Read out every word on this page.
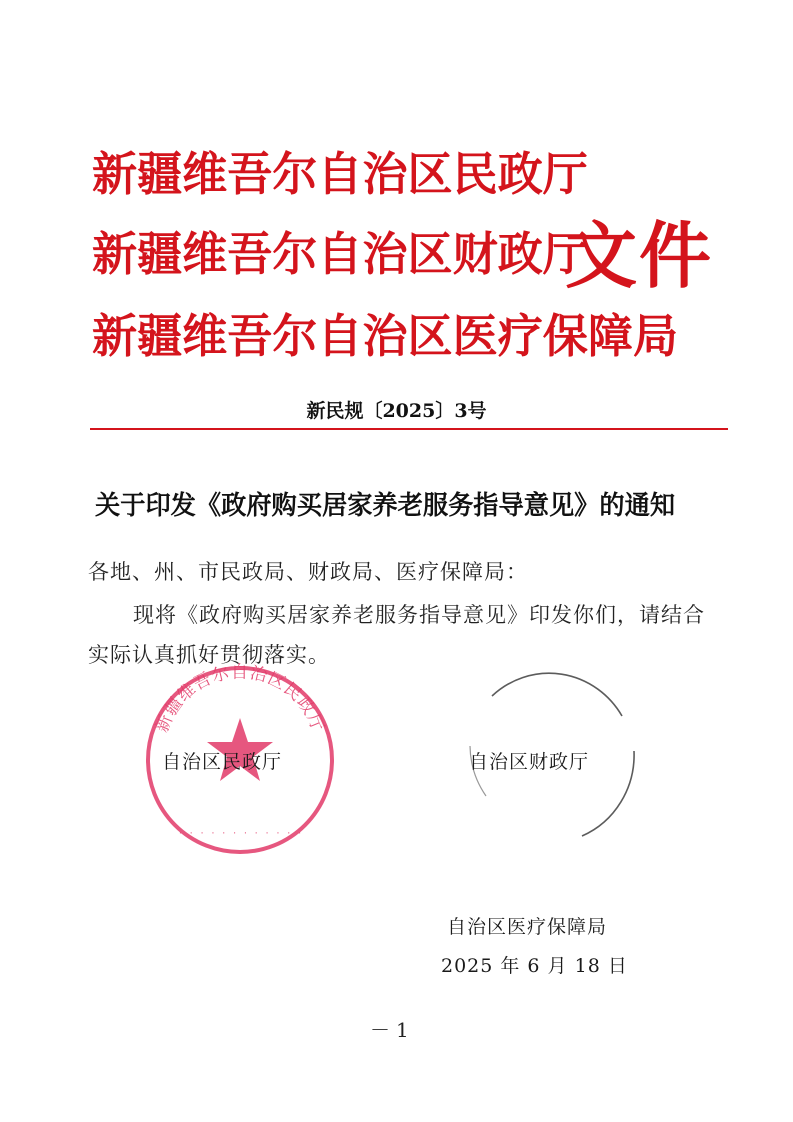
新疆维吾尔自治区民政厅
新疆维吾尔自治区财政厅
新疆维吾尔自治区医疗保障局
文件
新民规〔2025〕3号
关于印发《政府购买居家养老服务指导意见》的通知
各地、州、市民政局、财政局、医疗保障局：
现将《政府购买居家养老服务指导意见》印发你们，请结合
实际认真抓好贯彻落实。
新疆维吾尔自治区民政厅
· · · · · · · · · · · ·
自治区民政厅	自治区财政厅
自治区医疗保障局
2025 年 6 月 18 日
－1
